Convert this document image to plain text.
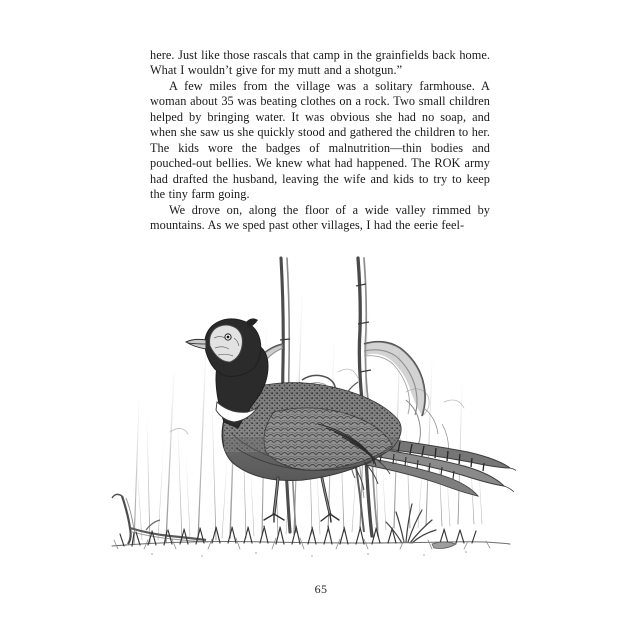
here. Just like those rascals that camp in the grainfields back home. What I wouldn’t give for my mutt and a shotgun.”

A few miles from the village was a solitary farmhouse. A woman about 35 was beating clothes on a rock. Two small children helped by bringing water. It was obvious she had no soap, and when she saw us she quickly stood and gathered the children to her. The kids wore the badges of malnutrition—thin bodies and pouched-out bellies. We knew what had happened. The ROK army had drafted the husband, leaving the wife and kids to try to keep the tiny farm going.

We drove on, along the floor of a wide valley rimmed by mountains. As we sped past other villages, I had the eerie feel-

65
